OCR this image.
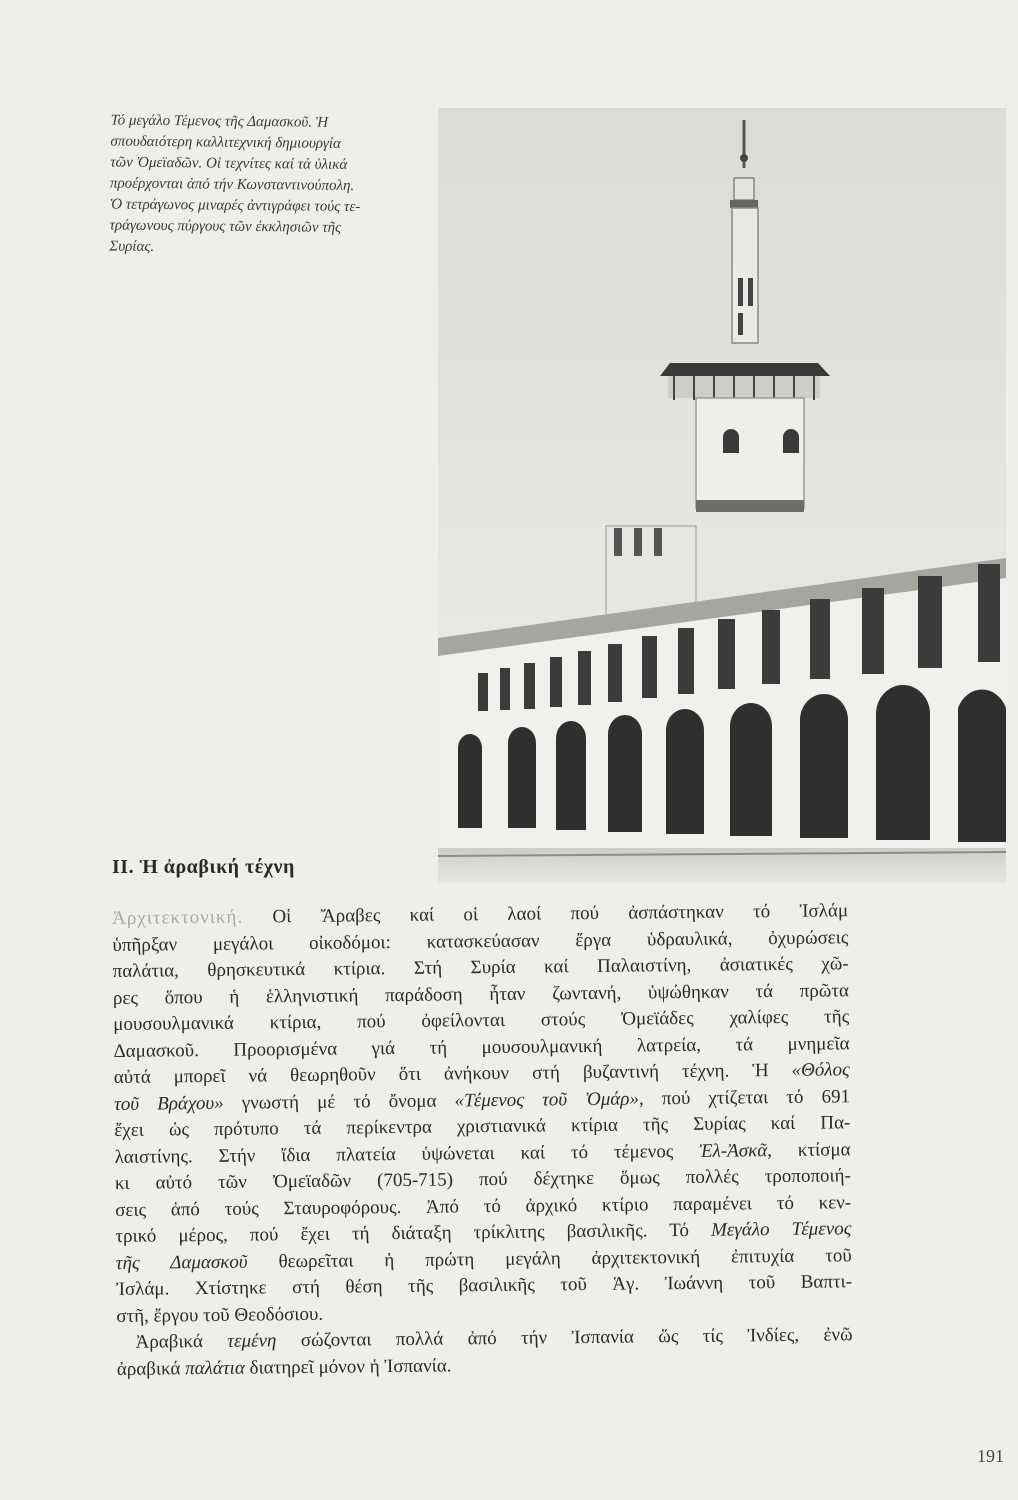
Τό μεγάλο Τέμενος τῆς Δαμασκοῦ. Ἡ
σπουδαιότερη καλλιτεχνική δημιουργία
τῶν Ὀμεϊαδῶν. Οἱ τεχνίτες καί τά ὑλικά
προέρχονται ἀπό τήν Κωνσταντινούπολη.
Ὁ τετράγωνος μιναρές ἀντιγράφει τούς τε-
τράγωνους πύργους τῶν ἐκκλησιῶν τῆς
Συρίας.
II. Ἡ ἀραβική τέχνη
Ἀρχιτεκτονική. Οἱ Ἄραβες καί οἱ λαοί πού ἀσπάστηκαν τό Ἰσλάμ
ὑπῆρξαν μεγάλοι οἰκοδόμοι: κατασκεύασαν ἔργα ὑδραυλικά, ὀχυρώσεις
παλάτια, θρησκευτικά κτίρια. Στή Συρία καί Παλαιστίνη, ἀσιατικές χῶ-
ρες ὅπου ἡ ἑλληνιστική παράδοση ἦταν ζωντανή, ὑψώθηκαν τά πρῶτα
μουσουλμανικά κτίρια, πού ὀφείλονται στούς Ὀμεϊάδες χαλίφες τῆς
Δαμασκοῦ. Προορισμένα γιά τή μουσουλμανική λατρεία, τά μνημεῖα
αὐτά μπορεῖ νά θεωρηθοῦν ὅτι ἀνήκουν στή βυζαντινή τέχνη. Ἡ «Θόλος
τοῦ Βράχου» γνωστή μέ τό ὄνομα «Τέμενος τοῦ Ὀμάρ», πού χτίζεται τό 691
ἔχει ὡς πρότυπο τά περίκεντρα χριστιανικά κτίρια τῆς Συρίας καί Πα-
λαιστίνης. Στήν ἴδια πλατεία ὑψώνεται καί τό τέμενος Ἐλ-Ἀσκᾶ, κτίσμα
κι αὐτό τῶν Ὀμεϊαδῶν (705-715) πού δέχτηκε ὅμως πολλές τροποποιή-
σεις ἀπό τούς Σταυροφόρους. Ἀπό τό ἀρχικό κτίριο παραμένει τό κεν-
τρικό μέρος, πού ἔχει τή διάταξη τρίκλιτης βασιλικῆς. Τό Μεγάλο Τέμενος
τῆς Δαμασκοῦ θεωρεῖται ἡ πρώτη μεγάλη ἀρχιτεκτονική ἐπιτυχία τοῦ
Ἰσλάμ. Χτίστηκε στή θέση τῆς βασιλικῆς τοῦ Ἁγ. Ἰωάννη τοῦ Βαπτι-
στῆ, ἔργου τοῦ Θεοδόσιου.
 Ἀραβικά τεμένη σώζονται πολλά ἀπό τήν Ἰσπανία ὥς τίς Ἰνδίες, ἐνῶ
ἀραβικά παλάτια διατηρεῖ μόνον ἡ Ἰσπανία.
191
